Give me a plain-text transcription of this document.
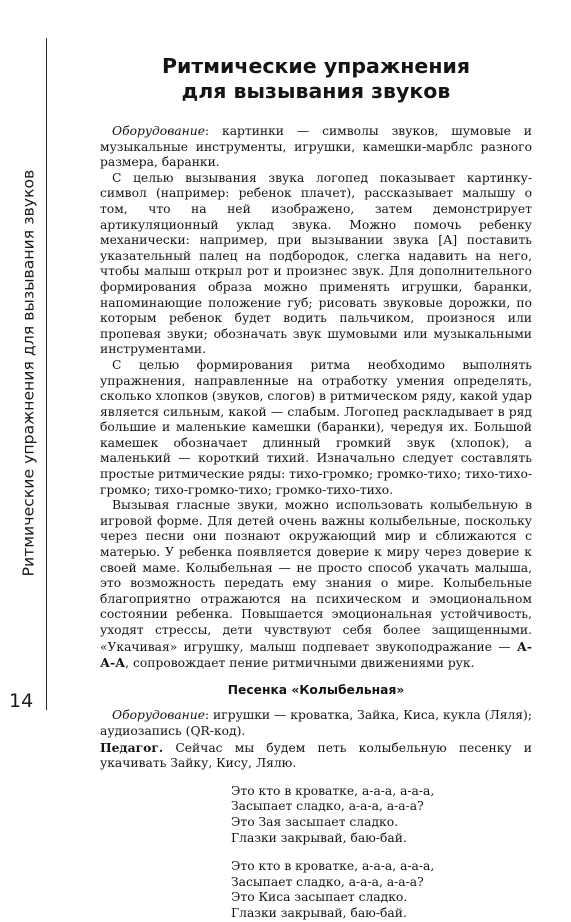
Ритмические упражнения для вызывания звуков
14
Ритмические упражнения
для вызывания звуков

Оборудование: картинки — символы звуков, шумовые и музыкальные инструменты, игрушки, камешки-марблс разного размера, баранки.

С целью вызывания звука логопед показывает картинку-символ (например: ребенок плачет), рассказывает малышу о том, что на ней изображено, затем демонстрирует артикуляционный уклад звука. Можно помочь ребенку механически: например, при вызывании звука [А] поставить указательный палец на подбородок, слегка надавить на него, чтобы малыш открыл рот и произнес звук. Для дополнительного формирования образа можно применять игрушки, баранки, напоминающие положение губ; рисовать звуковые дорожки, по которым ребенок будет водить пальчиком, произнося или пропевая звуки; обозначать звук шумовыми или музыкальными инструментами.

С целью формирования ритма необходимо выполнять упражнения, направленные на отработку умения определять, сколько хлопков (звуков, слогов) в ритмическом ряду, какой удар является сильным, какой — слабым. Логопед раскладывает в ряд большие и маленькие камешки (баранки), чередуя их. Большой камешек обозначает длинный громкий звук (хлопок), а маленький — короткий тихий. Изначально следует составлять простые ритмические ряды: тихо-громко; громко-тихо; тихо-тихо-громко; тихо-громко-тихо; громко-тихо-тихо.

Вызывая гласные звуки, можно использовать колыбельную в игровой форме. Для детей очень важны колыбельные, поскольку через песни они познают окружающий мир и сближаются с матерью. У ребенка появляется доверие к миру через доверие к своей маме. Колыбельная — не просто способ укачать малыша, это возможность передать ему знания о мире. Колыбельные благоприятно отражаются на психическом и эмоциональном состоянии ребенка. Повышается эмоциональная устойчивость, уходят стрессы, дети чувствуют себя более защищенными. «Укачивая» игрушку, малыш подпевает звукоподражание — А-А-А, сопровождает пение ритмичными движениями рук.

Песенка «Колыбельная»

Оборудование: игрушки — кроватка, Зайка, Киса, кукла (Ляля); аудиозапись (QR-код).

Педагог. Сейчас мы будем петь колыбельную песенку и укачивать Зайку, Кису, Лялю.

Это кто в кроватке, а-а-а, а-а-а,
Засыпает сладко, а-а-а, а-а-а?
Это Зая засыпает сладко.
Глазки закрывай, баю-бай.
Это кто в кроватке, а-а-а, а-а-а,
Засыпает сладко, а-а-а, а-а-а?
Это Киса засыпает сладко.
Глазки закрывай, баю-бай.
